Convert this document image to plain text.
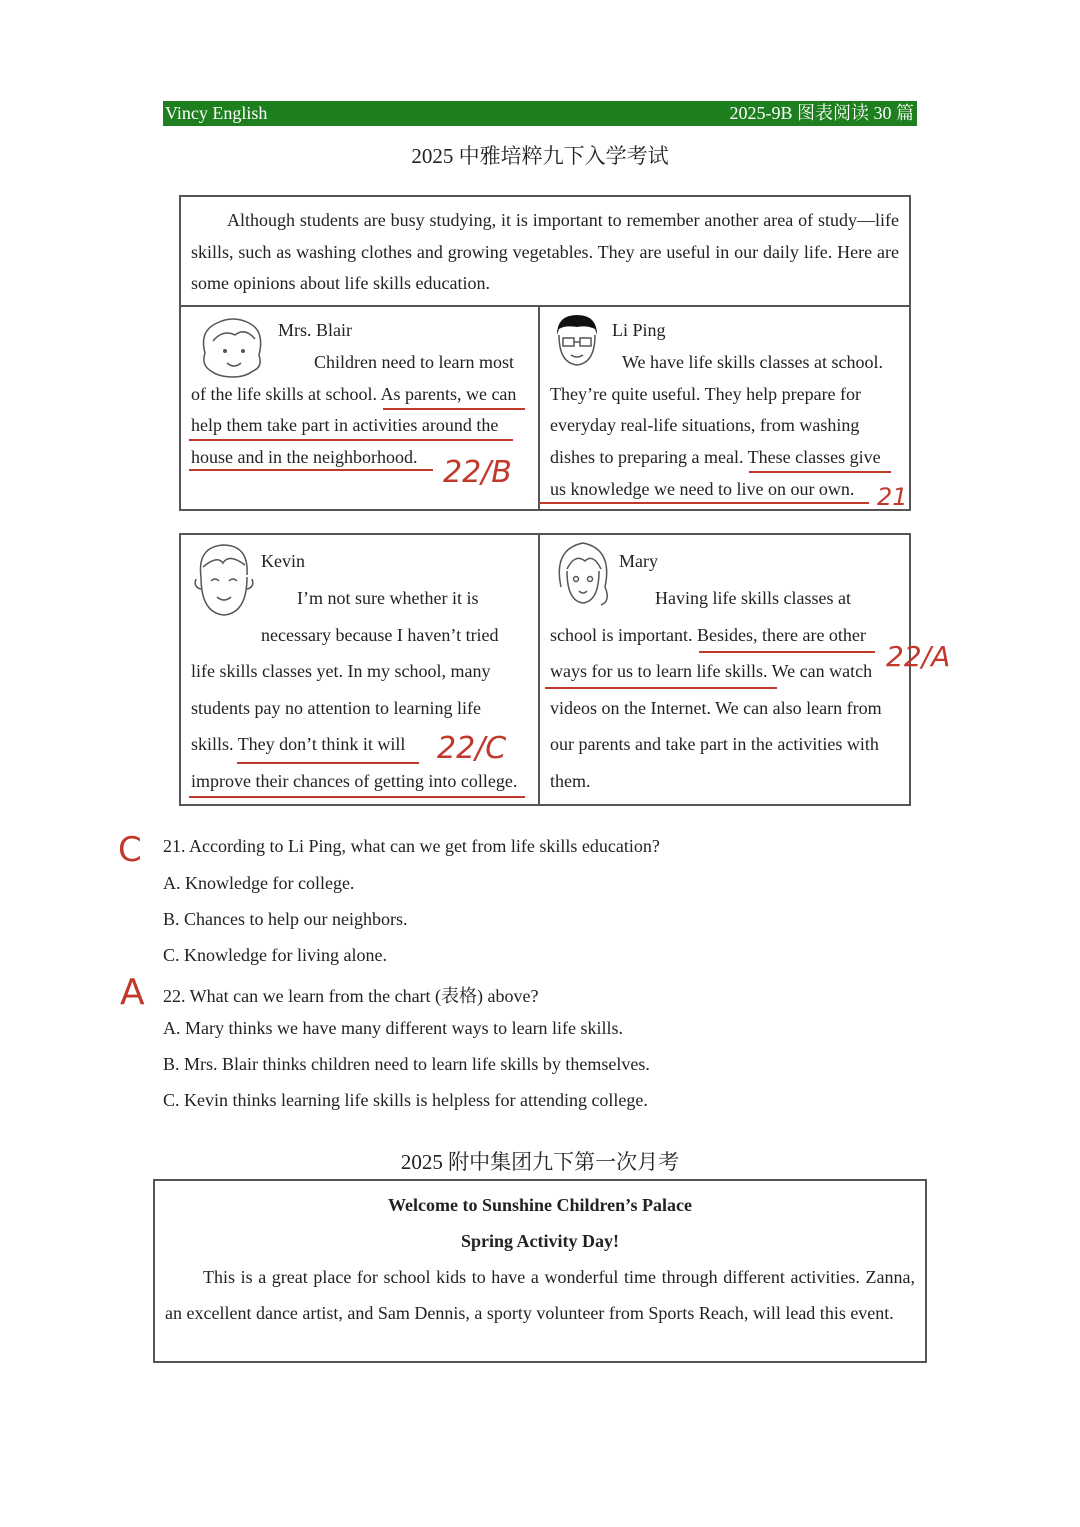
Vincy English	2025-9B 图表阅读 30 篇
2025 中雅培粹九下入学考试

Although students are busy studying, it is important to remember another area of study—life skills, such as washing clothes and growing vegetables. They are useful in our daily life. Here are some opinions about life skills education.

Mrs. Blair
Children need to learn most
of the life skills at school. As parents, we can
help them take part in activities around the
house and in the neighborhood. 22/B
Li Ping
We have life skills classes at school.
They’re quite useful. They help prepare for
everyday real-life situations, from washing
dishes to preparing a meal. These classes give
us knowledge we need to live on our own. 21
Kevin
I’m not sure whether it is
necessary because I haven’t tried
life skills classes yet. In my school, many
students pay no attention to learning life
skills. They don’t think it will
improve their chances of getting into college.
22/C
Mary
Having life skills classes at
school is important. Besides, there are other
ways for us to learn life skills. We can watch
videos on the Internet. We can also learn from
our parents and take part in the activities with
them.
22/A
C 21. According to Li Ping, what can we get from life skills education?
A. Knowledge for college.
B. Chances to help our neighbors.
C. Knowledge for living alone.
A 22. What can we learn from the chart (表格) above?
A. Mary thinks we have many different ways to learn life skills.
B. Mrs. Blair thinks children need to learn life skills by themselves.
C. Kevin thinks learning life skills is helpless for attending college.
2025 附中集团九下第一次月考
Welcome to Sunshine Children’s Palace
Spring Activity Day!

This is a great place for school kids to have a wonderful time through different activities. Zanna, an excellent dance artist, and Sam Dennis, a sporty volunteer from Sports Reach, will lead this event.
